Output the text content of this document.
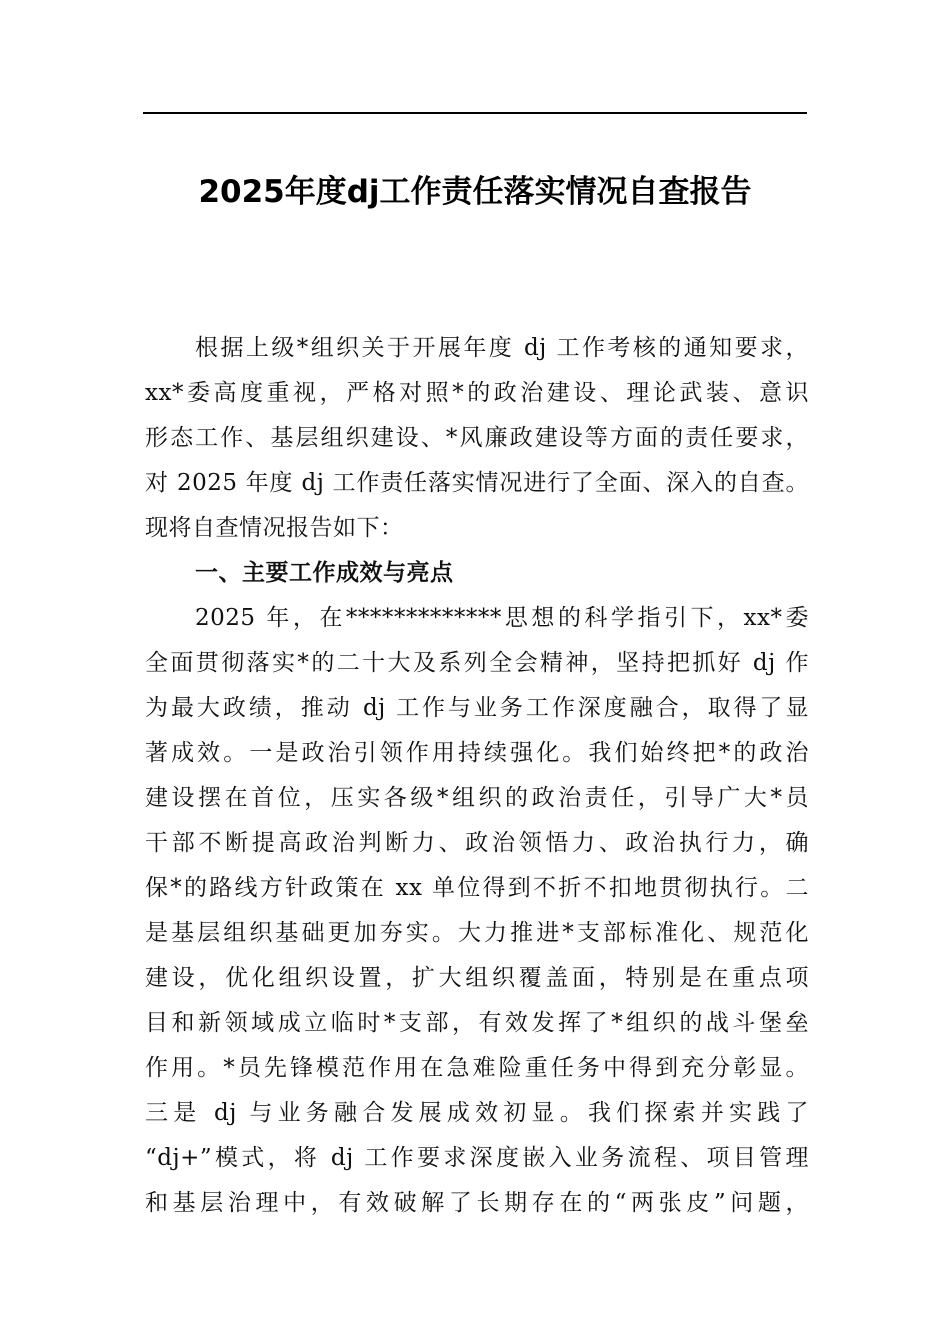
2025年度dj工作责任落实情况自查报告
根据上级*组织关于开展年度 dj 工作考核的通知要求，
xx*委高度重视，严格对照*的政治建设、理论武装、意识
形态工作、基层组织建设、*风廉政建设等方面的责任要求，
对 2025 年度 dj 工作责任落实情况进行了全面、深入的自查。
现将自查情况报告如下：
一、主要工作成效与亮点
2025 年，在*************思想的科学指引下，xx*委
全面贯彻落实*的二十大及系列全会精神，坚持把抓好 dj 作
为最大政绩，推动 dj 工作与业务工作深度融合，取得了显
著成效。一是政治引领作用持续强化。我们始终把*的政治
建设摆在首位，压实各级*组织的政治责任，引导广大*员
干部不断提高政治判断力、政治领悟力、政治执行力，确
保*的路线方针政策在 xx 单位得到不折不扣地贯彻执行。二
是基层组织基础更加夯实。大力推进*支部标准化、规范化
建设，优化组织设置，扩大组织覆盖面，特别是在重点项
目和新领域成立临时*支部，有效发挥了*组织的战斗堡垒
作用。*员先锋模范作用在急难险重任务中得到充分彰显。
三是 dj 与业务融合发展成效初显。我们探索并实践了
“dj+”模式，将 dj 工作要求深度嵌入业务流程、项目管理
和基层治理中，有效破解了长期存在的“两张皮”问题，
